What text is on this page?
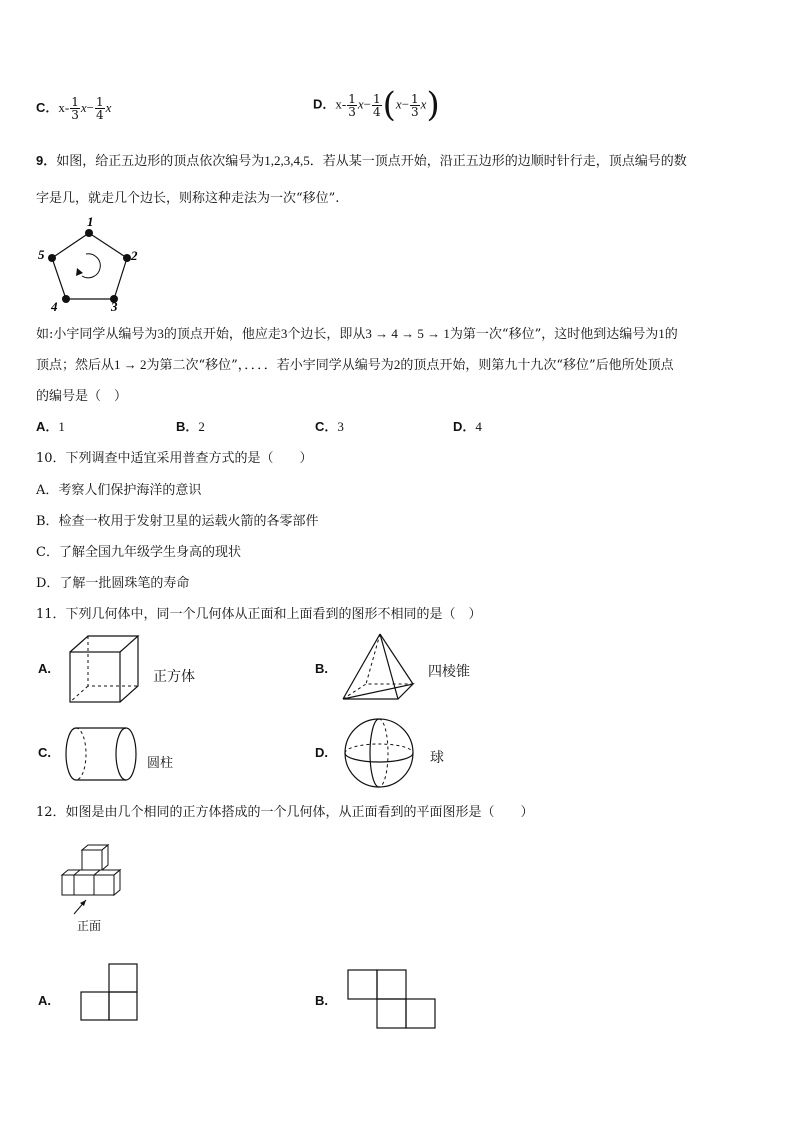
C．$x- \frac{1}{3} x- \frac{1}{4}$ x	D．$x- \frac{1}{3} x- \frac{1}{4} (x- \frac{1}{3} x)$
9．如图，给正五边形的顶点依次编号为1,2,3,4,5．若从某一顶点开始，沿正五边形的边顺时针行走，顶点编号的数
字是几，就走几个边长，则称这种走法为一次“移位”.
1
2
3
4
5
如:小宇同学从编号为3的顶点开始，他应走3个边长，即从3 → 4 → 5 → 1为第一次“移位”，这时他到达编号为1的
顶点；然后从1 → 2为第二次“移位”，．．．．若小宇同学从编号为2的顶点开始，则第九十九次“移位”后他所处顶点
的编号是（　）
A．1	B．2	C．3	D．4
10．下列调查中适宜采用普查方式的是（　　）
A．考察人们保护海洋的意识
B．检查一枚用于发射卫星的运载火箭的各零部件
C．了解全国九年级学生身高的现状
D．了解一批圆珠笔的寿命
11．下列几何体中，同一个几何体从正面和上面看到的图形不相同的是（　）
A.
正方体
B.	四棱锥
C.
圆柱
D.	球
12．如图是由几个相同的正方体搭成的一个几何体，从正面看到的平面图形是（　　）
正面
A.	B.
